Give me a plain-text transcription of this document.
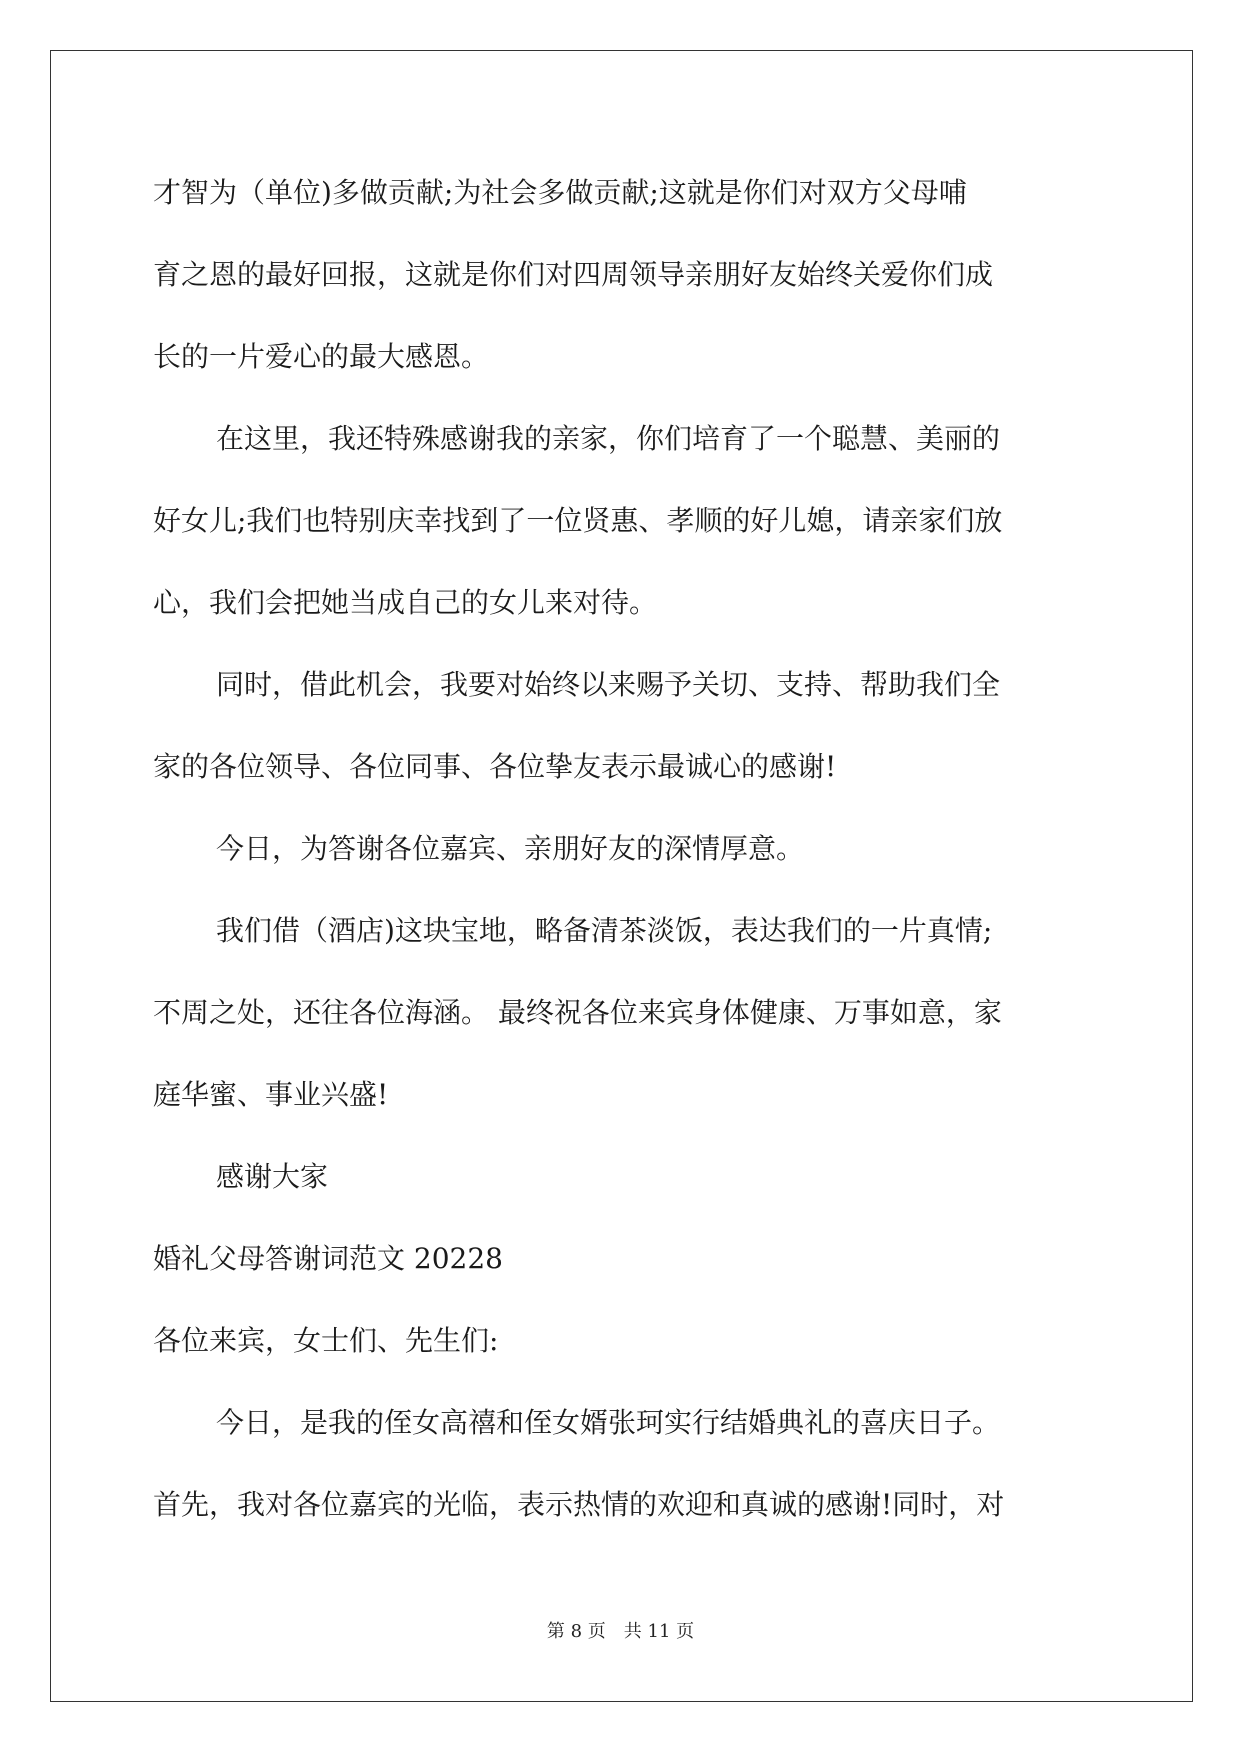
才智为（单位)多做贡献;为社会多做贡献;这就是你们对双方父母哺

育之恩的最好回报，这就是你们对四周领导亲朋好友始终关爱你们成

长的一片爱心的最大感恩。

在这里，我还特殊感谢我的亲家，你们培育了一个聪慧、美丽的

好女儿;我们也特别庆幸找到了一位贤惠、孝顺的好儿媳，请亲家们放

心，我们会把她当成自己的女儿来对待。

同时，借此机会，我要对始终以来赐予关切、支持、帮助我们全

家的各位领导、各位同事、各位挚友表示最诚心的感谢!

今日，为答谢各位嘉宾、亲朋好友的深情厚意。

我们借（酒店)这块宝地，略备清茶淡饭，表达我们的一片真情;

不周之处，还往各位海涵。 最终祝各位来宾身体健康、万事如意，家

庭华蜜、事业兴盛!

感谢大家

婚礼父母答谢词范文 20228

各位来宾，女士们、先生们:

今日，是我的侄女高禧和侄女婿张珂实行结婚典礼的喜庆日子。

首先，我对各位嘉宾的光临，表示热情的欢迎和真诚的感谢!同时，对

第 8 页　共 11 页
